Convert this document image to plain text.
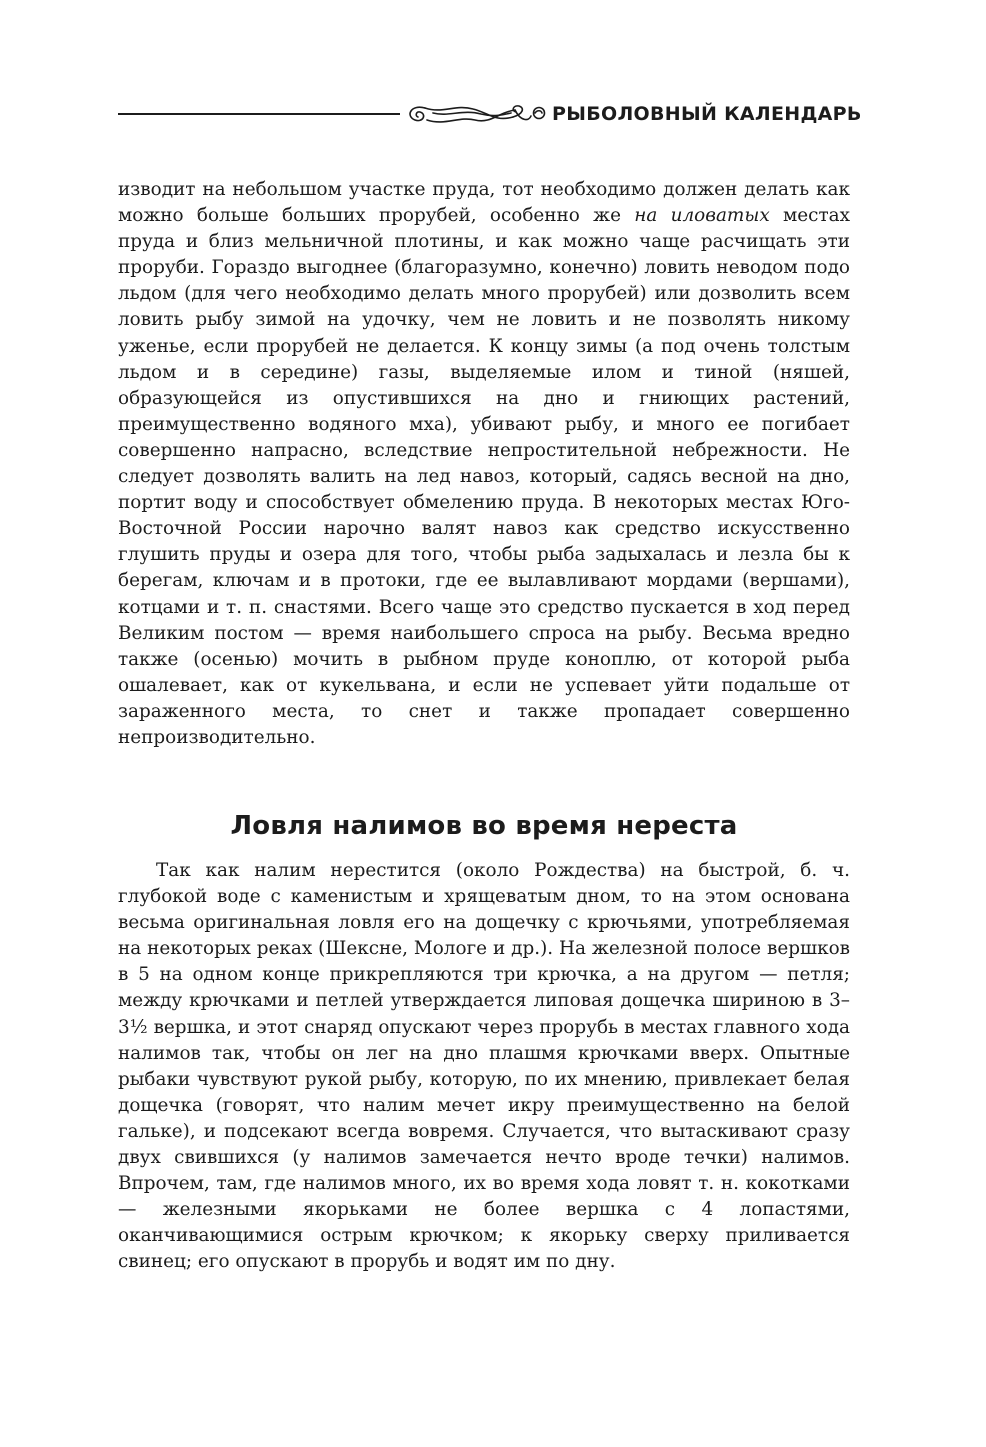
РЫБОЛОВНЫЙ КАЛЕНДАРЬ

изводит на небольшом участке пруда, тот необходимо должен делать как можно больше больших прорубей, особенно же на иловатых местах пруда и близ мельничной плотины, и как можно чаще расчищать эти проруби. Гораздо выгоднее (благоразумно, конечно) ловить неводом подо льдом (для чего необходимо делать много прорубей) или дозволить всем ловить рыбу зимой на удочку, чем не ловить и не позволять никому уженье, если прорубей не делается. К концу зимы (а под очень толстым льдом и в середине) газы, выделяемые илом и тиной (няшей, образующейся из опустившихся на дно и гниющих растений, преимущественно водяного мха), убивают рыбу, и много ее погибает совершенно напрасно, вследствие непростительной небрежности. Не следует дозволять валить на лед навоз, который, садясь весной на дно, портит воду и способствует обмелению пруда. В некоторых местах Юго-Восточной России нарочно валят навоз как средство искусственно глушить пруды и озера для того, чтобы рыба задыхалась и лезла бы к берегам, ключам и в протоки, где ее вылавливают мордами (вершами), котцами и т. п. снастями. Всего чаще это средство пускается в ход перед Великим постом — время наибольшего спроса на рыбу. Весьма вредно также (осенью) мочить в рыбном пруде коноплю, от которой рыба ошалевает, как от кукельвана, и если не успевает уйти подальше от зараженного места, то снет и также пропадает совершенно непроизводительно.

Ловля налимов во время нереста

Так как налим нерестится (около Рождества) на быстрой, б. ч. глубокой воде с каменистым и хрящеватым дном, то на этом основана весьма оригинальная ловля его на дощечку с крючьями, употребляемая на некоторых реках (Шексне, Мологе и др.). На железной полосе вершков в 5 на одном конце прикрепляются три крючка, а на другом — петля; между крючками и петлей утверждается липовая дощечка шириною в 3–3½ вершка, и этот снаряд опускают через прорубь в местах главного хода налимов так, чтобы он лег на дно плашмя крючками вверх. Опытные рыбаки чувствуют рукой рыбу, которую, по их мнению, привлекает белая дощечка (говорят, что налим мечет икру преимущественно на белой гальке), и подсекают всегда вовремя. Случается, что вытаскивают сразу двух свившихся (у налимов замечается нечто вроде течки) налимов. Впрочем, там, где налимов много, их во время хода ловят т. н. кокотками — железными якорьками не более вершка с 4 лопастями, оканчивающимися острым крючком; к якорьку сверху приливается свинец; его опускают в прорубь и водят им по дну.
